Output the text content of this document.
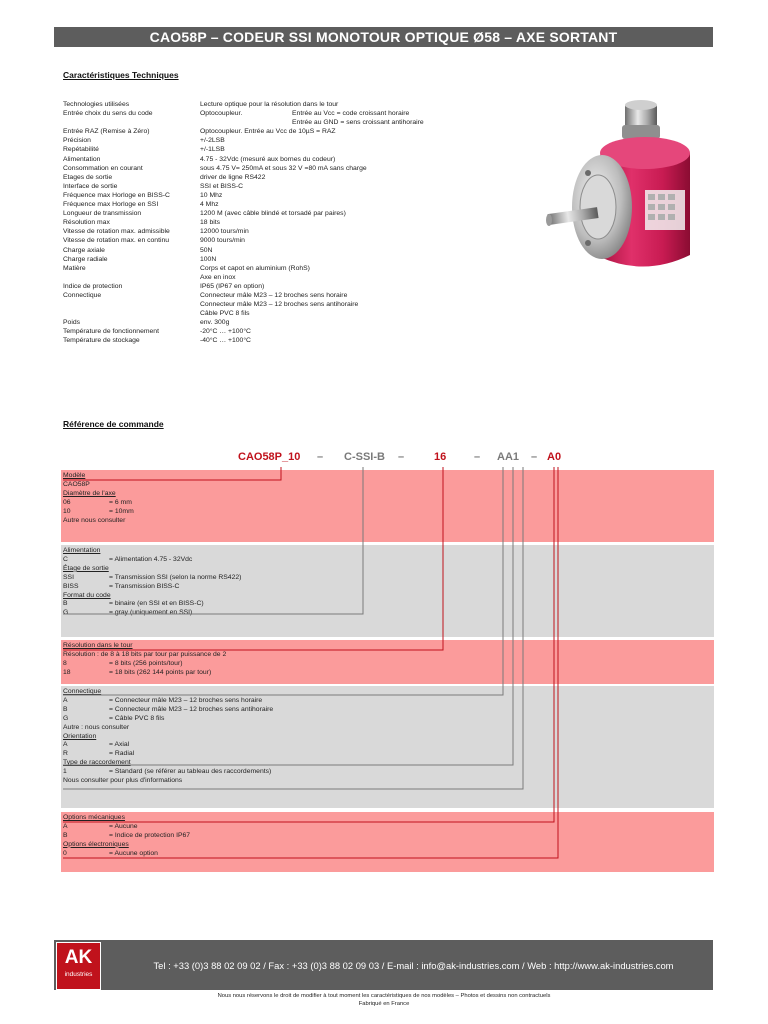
CAO58P – CODEUR SSI MONOTOUR OPTIQUE Ø58 – AXE SORTANT
Caractéristiques Techniques
Technologies utilisées	Lecture optique pour la résolution dans le tour
Entrée choix du sens du code	Optocoupleur.	Entrée au Vcc = code croissant horaire
Entrée au GND = sens croissant antihoraire
Entrée RAZ (Remise à Zéro)	Optocoupleur. Entrée au Vcc de 10µS = RAZ
Précision	+/-2LSB
Repétabilité	+/-1LSB
Alimentation	4.75 - 32Vdc (mesuré aux bornes du codeur)
Consommation en courant	sous 4.75 V= 250mA et sous 32 V =80 mA sans charge
Etages de sortie	driver de ligne RS422
Interface de sortie	SSI et BISS-C
Fréquence max Horloge en BISS-C	10 Mhz
Fréquence max Horloge en SSI	4 Mhz
Longueur de transmission	1200 M (avec câble blindé et torsadé par paires)
Résolution max	18 bits
Vitesse de rotation max. admissible	12000 tours/min
Vitesse de rotation max. en continu	9000 tours/min
Charge axiale	50N
Charge radiale	100N
Matière	Corps et capot en aluminium (RohS)
Axe en inox
Indice de protection	IP65 (IP67 en option)
Connectique	Connecteur mâle M23 – 12 broches sens horaire
Connecteur mâle M23 – 12 broches sens antihoraire
Câble PVC 8 fils
Poids	env. 300g
Température de fonctionnement	-20°C … +100°C
Température de stockage	-40°C … +100°C
Référence de commande
CAO58P_10 – C-SSI-B –	16	– AA1 – A0
Modèle
CAO58P
Diamètre de l'axe
06	= 6 mm
10	= 10mm
Autre nous consulter
Alimentation
C	= Alimentation 4.75 - 32Vdc
Étage de sortie
SSI	= Transmission SSI (selon la norme RS422)
BISS	= Transmission BISS-C
Format du code
B	= binaire (en SSI et en BISS-C)
G	= gray (uniquement en SSI)
Résolution dans le tour
Résolution : de 8 à 18 bits par tour par puissance de 2
8	= 8 bits (256 points/tour)
18	= 18 bits (262 144 points par tour)
Connectique
A	= Connecteur mâle M23 – 12 broches sens horaire
B	= Connecteur mâle M23 – 12 broches sens antihoraire
G	= Câble PVC 8 fils
Autre : nous consulter
Orientation
A	= Axial
R	= Radial
Type de raccordement
1	= Standard (se référer au tableau des raccordements)
Nous consulter pour plus d'informations
Options mécaniques
A	= Aucune
B	= Indice de protection IP67
Options électroniques
0	= Aucune option
AK
industries
Tel : +33 (0)3 88 02 09 02 / Fax : +33 (0)3 88 02 09 03 / E-mail : info@ak-industries.com / Web : http://www.ak-industries.com
Nous nous réservons le droit de modifier à tout moment les caractéristiques de nos modèles – Photos et dessins non contractuels
Fabriqué en France
